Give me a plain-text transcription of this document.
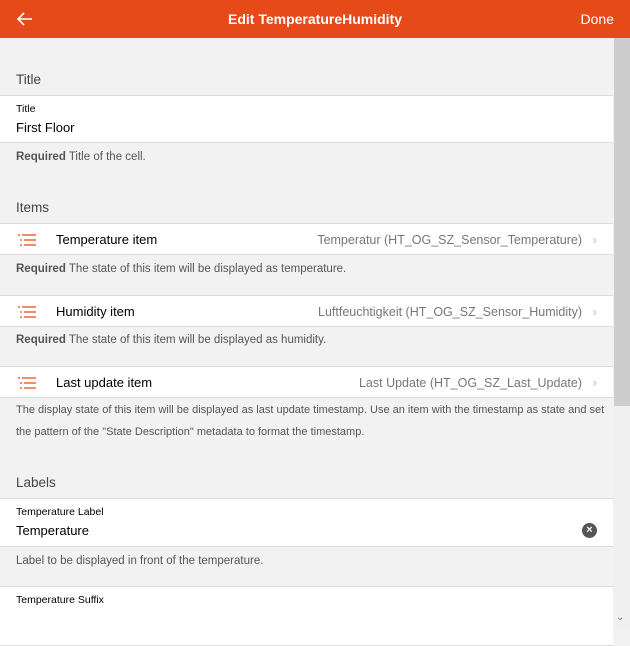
Edit TemperatureHumidity	Done
Title
Title
First Floor
Required Title of the cell.
Items
Temperature item	Temperatur (HT_OG_SZ_Sensor_Temperature) ›
Required The state of this item will be displayed as temperature.
Humidity item	Luftfeuchtigkeit (HT_OG_SZ_Sensor_Humidity) ›
Required The state of this item will be displayed as humidity.
Last update item	Last Update (HT_OG_SZ_Last_Update) ›
The display state of this item will be displayed as last update timestamp. Use an item with the timestamp as state and set the pattern of the "State Description" metadata to format the timestamp.
Labels
Temperature Label
Temperature
×
Label to be displayed in front of the temperature.
Temperature Suffix
⌄
